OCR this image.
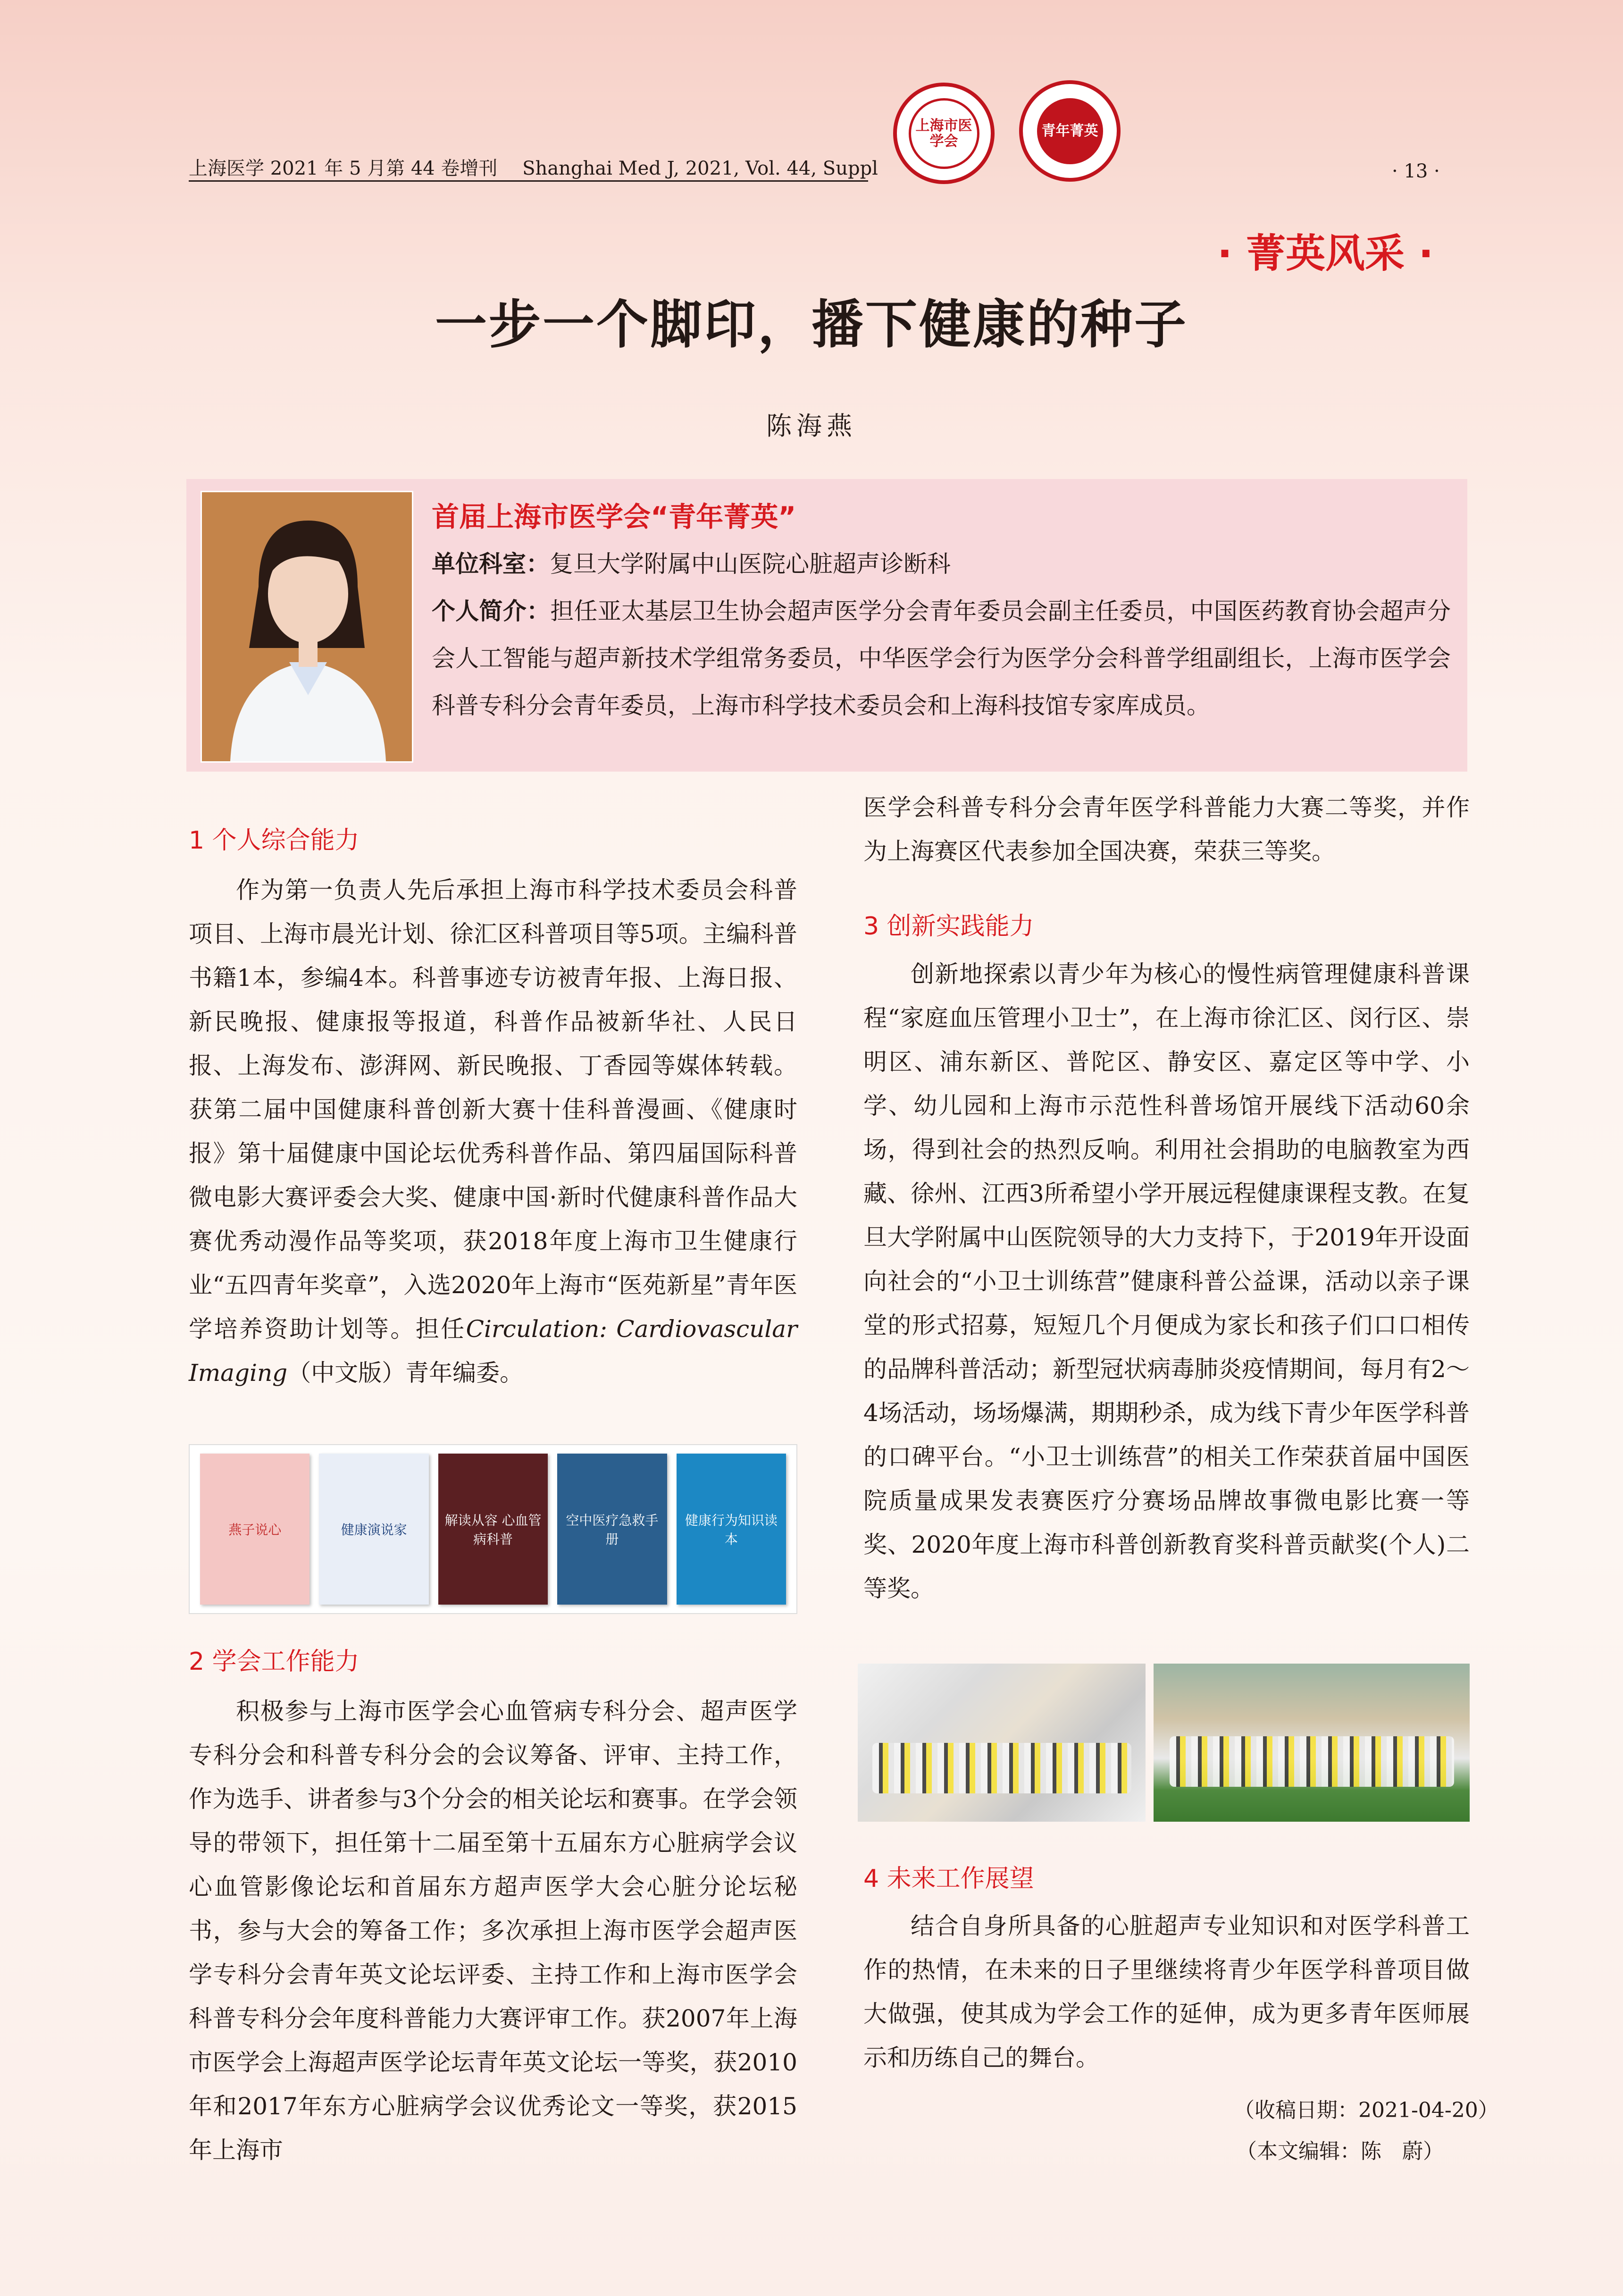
上海医学 2021 年 5 月第 44 卷增刊 Shanghai Med J, 2021, Vol. 44, Suppl	· 13 ·
上海市医学会
青年菁英
· 菁英风采 ·
一步一个脚印，播下健康的种子
陈海燕
首届上海市医学会“青年菁英”
单位科室：复旦大学附属中山医院心脏超声诊断科
个人简介：担任亚太基层卫生协会超声医学分会青年委员会副主任委员，中国医药教育协会超声分会人工智能与超声新技术学组常务委员，中华医学会行为医学分会科普学组副组长，上海市医学会科普专科分会青年委员，上海市科学技术委员会和上海科技馆专家库成员。
1 个人综合能力

作为第一负责人先后承担上海市科学技术委员会科普项目、上海市晨光计划、徐汇区科普项目等5项。主编科普书籍1本，参编4本。科普事迹专访被青年报、上海日报、新民晚报、健康报等报道，科普作品被新华社、人民日报、上海发布、澎湃网、新民晚报、丁香园等媒体转载。获第二届中国健康科普创新大赛十佳科普漫画、《健康时报》第十届健康中国论坛优秀科普作品、第四届国际科普微电影大赛评委会大奖、健康中国·新时代健康科普作品大赛优秀动漫作品等奖项，获2018年度上海市卫生健康行业“五四青年奖章”，入选2020年上海市“医苑新星”青年医学培养资助计划等。担任Circulation: Cardiovascular Imaging（中文版）青年编委。

燕子说心	健康演说家
解读从容 心血管病科普
空中医疗急救手册
健康行为知识读本
2 学会工作能力

积极参与上海市医学会心血管病专科分会、超声医学专科分会和科普专科分会的会议筹备、评审、主持工作，作为选手、讲者参与3个分会的相关论坛和赛事。在学会领导的带领下，担任第十二届至第十五届东方心脏病学会议心血管影像论坛和首届东方超声医学大会心脏分论坛秘书，参与大会的筹备工作；多次承担上海市医学会超声医学专科分会青年英文论坛评委、主持工作和上海市医学会科普专科分会年度科普能力大赛评审工作。获2007年上海市医学会上海超声医学论坛青年英文论坛一等奖，获2010年和2017年东方心脏病学会议优秀论文一等奖，获2015年上海市

医学会科普专科分会青年医学科普能力大赛二等奖，并作为上海赛区代表参加全国决赛，荣获三等奖。
3 创新实践能力

创新地探索以青少年为核心的慢性病管理健康科普课程“家庭血压管理小卫士”，在上海市徐汇区、闵行区、崇明区、浦东新区、普陀区、静安区、嘉定区等中学、小学、幼儿园和上海市示范性科普场馆开展线下活动60余场，得到社会的热烈反响。利用社会捐助的电脑教室为西藏、徐州、江西3所希望小学开展远程健康课程支教。在复旦大学附属中山医院领导的大力支持下，于2019年开设面向社会的“小卫士训练营”健康科普公益课，活动以亲子课堂的形式招募，短短几个月便成为家长和孩子们口口相传的品牌科普活动；新型冠状病毒肺炎疫情期间，每月有2～4场活动，场场爆满，期期秒杀，成为线下青少年医学科普的口碑平台。“小卫士训练营”的相关工作荣获首届中国医院质量成果发表赛医疗分赛场品牌故事微电影比赛一等奖、2020年度上海市科普创新教育奖科普贡献奖(个人)二等奖。

4 未来工作展望

结合自身所具备的心脏超声专业知识和对医学科普工作的热情，在未来的日子里继续将青少年医学科普项目做大做强，使其成为学会工作的延伸，成为更多青年医师展示和历练自己的舞台。

（收稿日期：2021-04-20）
（本文编辑：陈　蔚）
